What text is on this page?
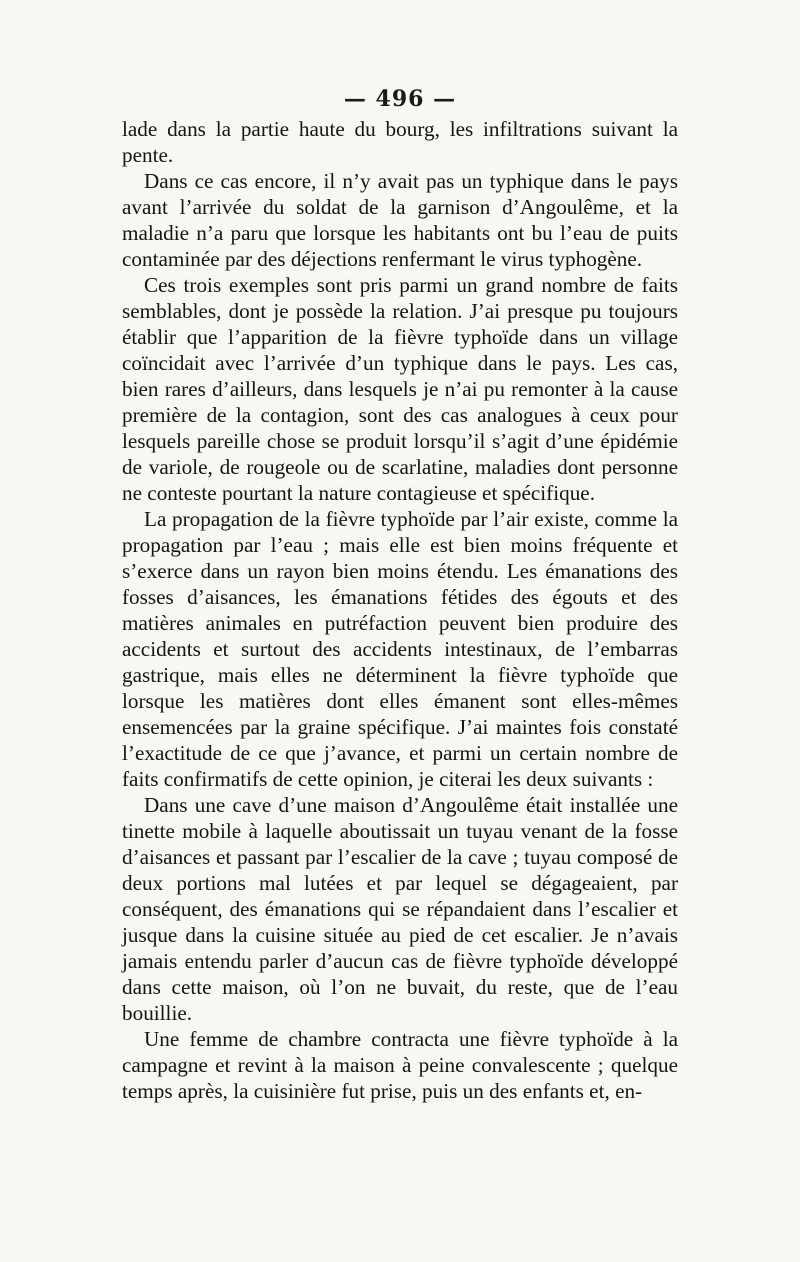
— 496 —

lade dans la partie haute du bourg, les infiltrations suivant la pente.

Dans ce cas encore, il n’y avait pas un typhique dans le pays avant l’arrivée du soldat de la garnison d’Angoulême, et la maladie n’a paru que lorsque les habitants ont bu l’eau de puits contaminée par des déjections renfermant le virus typhogène.

Ces trois exemples sont pris parmi un grand nombre de faits semblables, dont je possède la relation. J’ai presque pu toujours établir que l’apparition de la fièvre typhoïde dans un village coïncidait avec l’arrivée d’un typhique dans le pays. Les cas, bien rares d’ailleurs, dans lesquels je n’ai pu remonter à la cause première de la contagion, sont des cas analogues à ceux pour lesquels pareille chose se produit lorsqu’il s’agit d’une épidémie de variole, de rougeole ou de scarlatine, maladies dont personne ne conteste pourtant la nature contagieuse et spécifique.

La propagation de la fièvre typhoïde par l’air existe, comme la propagation par l’eau ; mais elle est bien moins fréquente et s’exerce dans un rayon bien moins étendu. Les émanations des fosses d’aisances, les émanations fétides des égouts et des matières animales en putréfaction peuvent bien produire des accidents et surtout des accidents intestinaux, de l’embarras gastrique, mais elles ne déterminent la fièvre typhoïde que lorsque les matières dont elles émanent sont elles-mêmes ensemencées par la graine spécifique. J’ai maintes fois constaté l’exactitude de ce que j’avance, et parmi un certain nombre de faits confirmatifs de cette opinion, je citerai les deux suivants :

Dans une cave d’une maison d’Angoulême était installée une tinette mobile à laquelle aboutissait un tuyau venant de la fosse d’aisances et passant par l’escalier de la cave ; tuyau composé de deux portions mal lutées et par lequel se dégageaient, par conséquent, des émanations qui se répandaient dans l’escalier et jusque dans la cuisine située au pied de cet escalier. Je n’avais jamais entendu parler d’aucun cas de fièvre typhoïde développé dans cette maison, où l’on ne buvait, du reste, que de l’eau bouillie.

Une femme de chambre contracta une fièvre typhoïde à la campagne et revint à la maison à peine convalescente ; quelque temps après, la cuisinière fut prise, puis un des enfants et, en-
